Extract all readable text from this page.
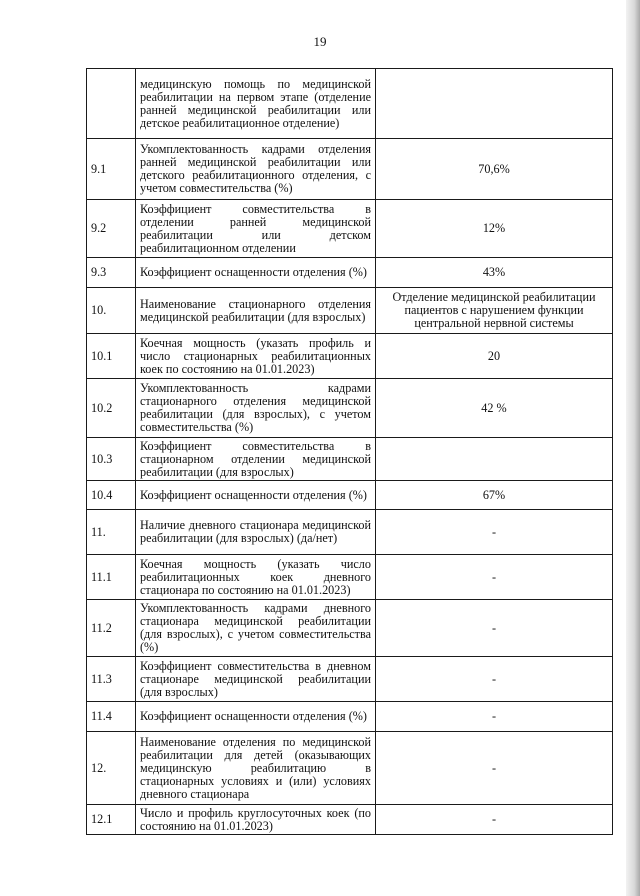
19
	медицинскую помощь по медицинской реабилитации на первом этапе (отделение ранней медицинской реабилитации или детское реабилитационное отделение)	
9.1	Укомплектованность кадрами отделения ранней медицинской реабилитации или детского реабилитационного отделения, с учетом совместительства (%)	70,6%
9.2	Коэффициент совместительства в отделении ранней медицинской реабилитации или детском реабилитационном отделении	12%
9.3	Коэффициент оснащенности отделения (%)	43%
10.	Наименование стационарного отделения медицинской реабилитации (для взрослых)	Отделение медицинской реабилитации пациентов с нарушением функции центральной нервной системы
10.1	Коечная мощность (указать профиль и число стационарных реабилитационных коек по состоянию на 01.01.2023)	20
10.2	Укомплектованность кадрами стационарного отделения медицинской реабилитации (для взрослых), с учетом совместительства (%)	42 %
10.3	Коэффициент совместительства в стационарном отделении медицинской реабилитации (для взрослых)	
10.4	Коэффициент оснащенности отделения (%)	67%
11.	Наличие дневного стационара медицинской реабилитации (для взрослых) (да/нет)	-
11.1	Коечная мощность (указать число реабилитационных коек дневного стационара по состоянию на 01.01.2023)	-
11.2	Укомплектованность кадрами дневного стационара медицинской реабилитации (для взрослых), с учетом совместительства (%)	-
11.3	Коэффициент совместительства в дневном стационаре медицинской реабилитации (для взрослых)	-
11.4	Коэффициент оснащенности отделения (%)	-
12.	Наименование отделения по медицинской реабилитации для детей (оказывающих медицинскую реабилитацию в стационарных условиях и (или) условиях дневного стационара	-
12.1	Число и профиль круглосуточных коек (по состоянию на 01.01.2023)	-
